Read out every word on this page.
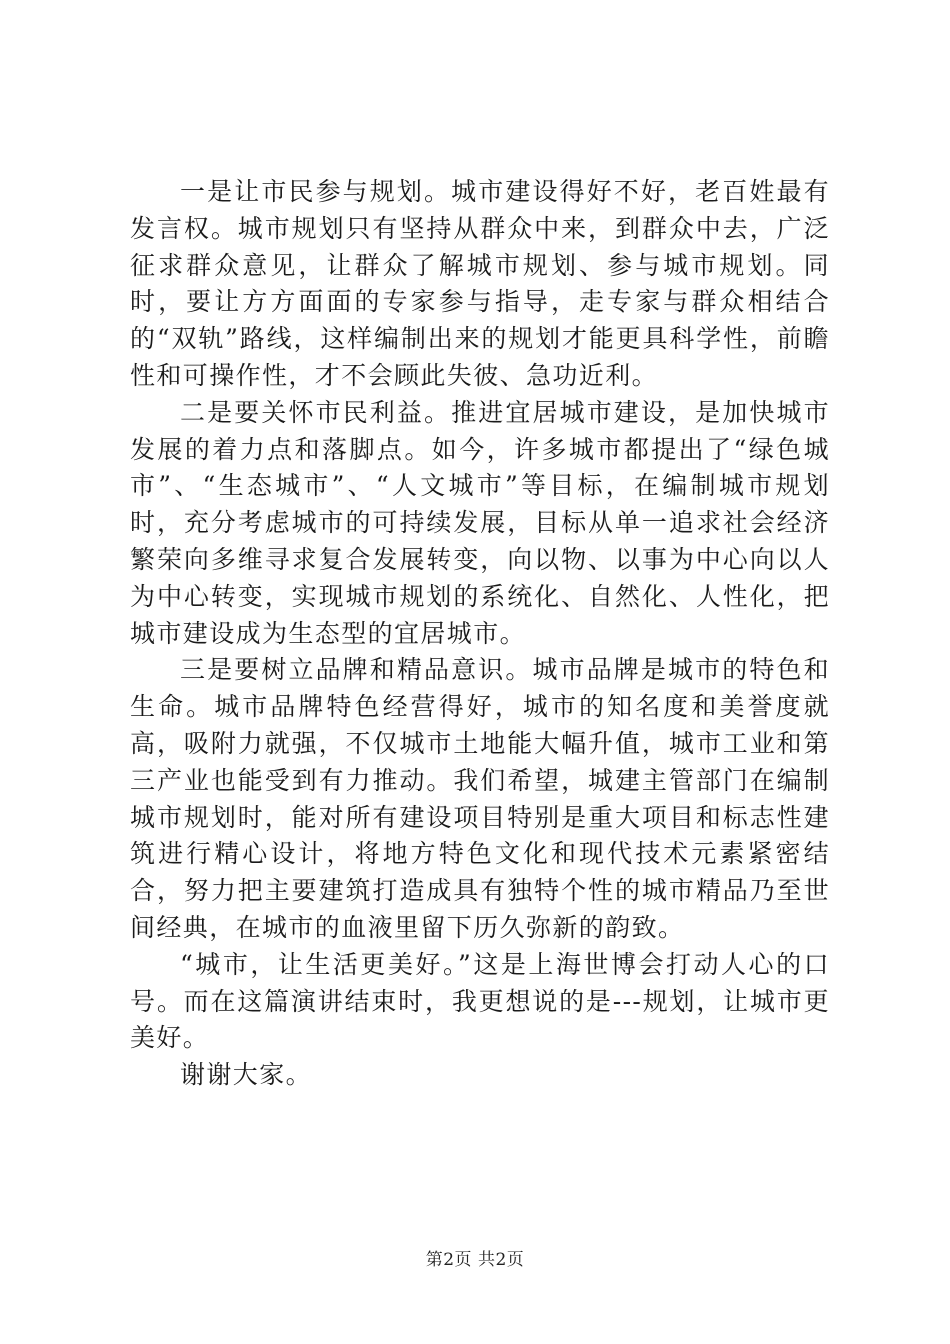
一是让市民参与规划。城市建设得好不好，老百姓最有发言权。城市规划只有坚持从群众中来，到群众中去，广泛征求群众意见，让群众了解城市规划、参与城市规划。同时，要让方方面面的专家参与指导，走专家与群众相结合的“双轨”路线，这样编制出来的规划才能更具科学性，前瞻性和可操作性，才不会顾此失彼、急功近利。

二是要关怀市民利益。推进宜居城市建设，是加快城市发展的着力点和落脚点。如今，许多城市都提出了“绿色城市”、“生态城市”、“人文城市”等目标，在编制城市规划时，充分考虑城市的可持续发展，目标从单一追求社会经济繁荣向多维寻求复合发展转变，向以物、以事为中心向以人为中心转变，实现城市规划的系统化、自然化、人性化，把城市建设成为生态型的宜居城市。

三是要树立品牌和精品意识。城市品牌是城市的特色和生命。城市品牌特色经营得好，城市的知名度和美誉度就高，吸附力就强，不仅城市土地能大幅升值，城市工业和第三产业也能受到有力推动。我们希望，城建主管部门在编制城市规划时，能对所有建设项目特别是重大项目和标志性建筑进行精心设计，将地方特色文化和现代技术元素紧密结合，努力把主要建筑打造成具有独特个性的城市精品乃至世间经典，在城市的血液里留下历久弥新的韵致。

“城市，让生活更美好。”这是上海世博会打动人心的口号。而在这篇演讲结束时，我更想说的是---规划，让城市更美好。

谢谢大家。

第2页 共2页
